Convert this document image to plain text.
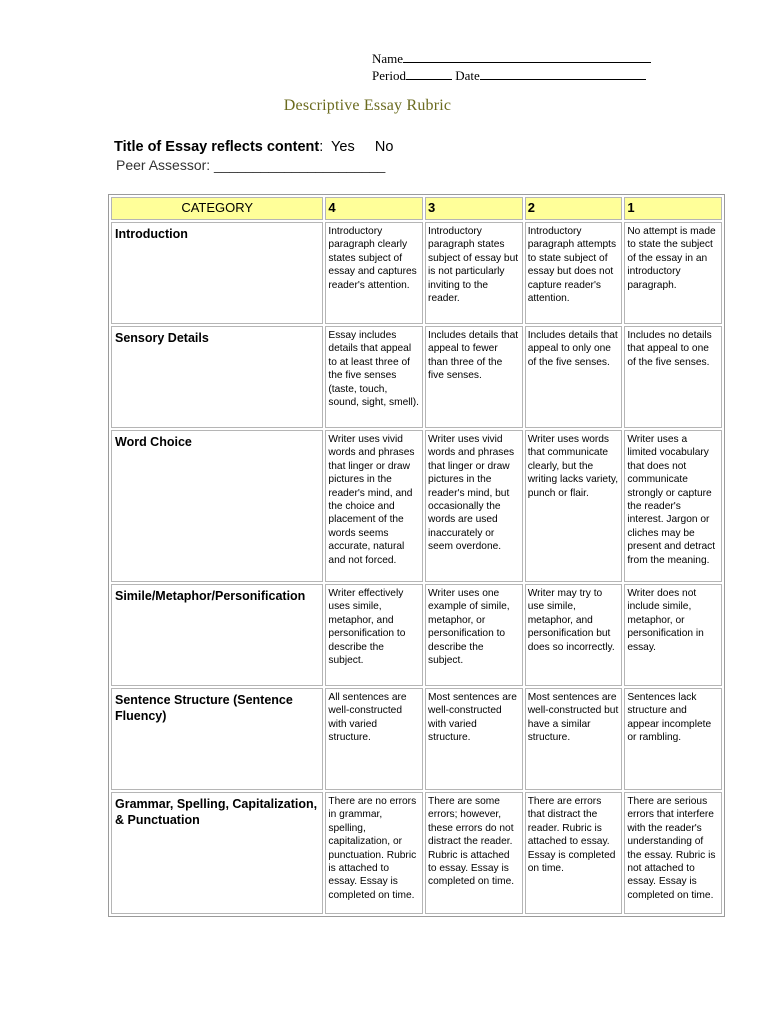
Name
Period	Date
Descriptive Essay Rubric
Title of Essay reflects content: Yes No
Peer Assessor: ______________________
CATEGORY	4	3	2	1
Introduction	Introductory paragraph clearly states subject of essay and captures reader's attention.	Introductory paragraph states subject of essay but is not particularly inviting to the reader.	Introductory paragraph attempts to state subject of essay but does not capture reader's attention.	No attempt is made to state the subject of the essay in an introductory paragraph.
Sensory Details	Essay includes details that appeal to at least three of the five senses (taste, touch, sound, sight, smell).	Includes details that appeal to fewer than three of the five senses.	Includes details that appeal to only one of the five senses.	Includes no details that appeal to one of the five senses.
Word Choice	Writer uses vivid words and phrases that linger or draw pictures in the reader's mind, and the choice and placement of the words seems accurate, natural and not forced.	Writer uses vivid words and phrases that linger or draw pictures in the reader's mind, but occasionally the words are used inaccurately or seem overdone.	Writer uses words that communicate clearly, but the writing lacks variety, punch or flair.	Writer uses a limited vocabulary that does not communicate strongly or capture the reader's interest. Jargon or cliches may be present and detract from the meaning.
Simile/Metaphor/Personification	Writer effectively uses simile, metaphor, and personification to describe the subject.	Writer uses one example of simile, metaphor, or personification to describe the subject.	Writer may try to use simile, metaphor, and personification but does so incorrectly.	Writer does not include simile, metaphor, or personification in essay.
Sentence Structure (Sentence Fluency)	All sentences are well-constructed with varied structure.	Most sentences are well-constructed with varied structure.	Most sentences are well-constructed but have a similar structure.	Sentences lack structure and appear incomplete or rambling.
Grammar, Spelling, Capitalization, & Punctuation	There are no errors in grammar, spelling, capitalization, or punctuation. Rubric is attached to essay. Essay is completed on time.	There are some errors; however, these errors do not distract the reader. Rubric is attached to essay. Essay is completed on time.	There are errors that distract the reader. Rubric is attached to essay. Essay is completed on time.	There are serious errors that interfere with the reader's understanding of the essay. Rubric is not attached to essay. Essay is completed on time.
